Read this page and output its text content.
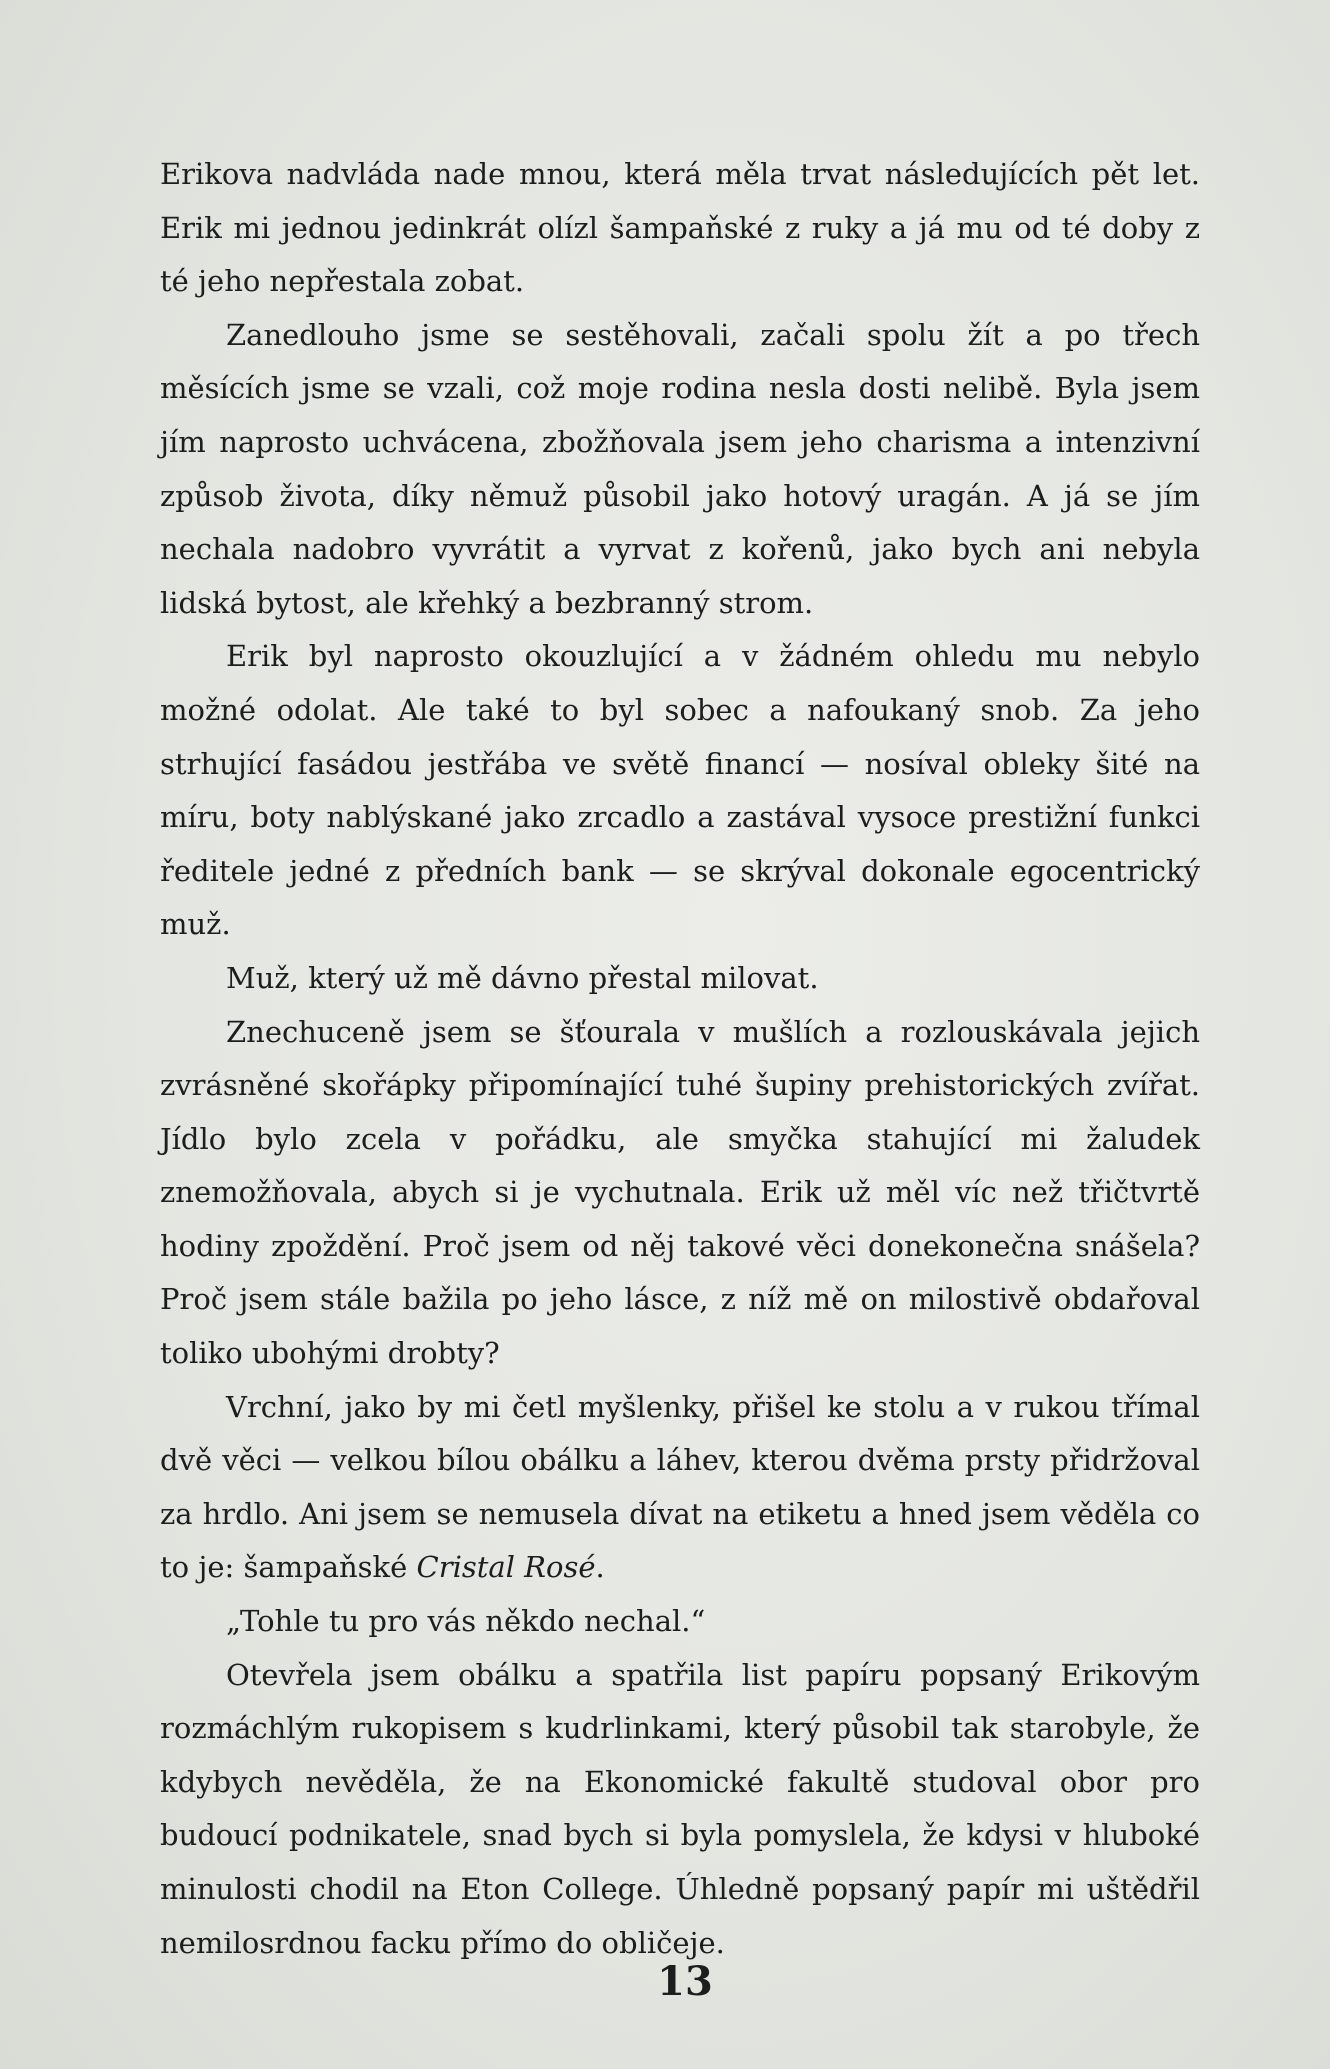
Erikova nadvláda nade mnou, která měla trvat následujících pět let. Erik mi jednou jedinkrát olízl šampaňské z ruky a já mu od té doby z té jeho nepřestala zobat.

Zanedlouho jsme se sestěhovali, začali spolu žít a po třech měsících jsme se vzali, což moje rodina nesla dosti nelibě. Byla jsem jím naprosto uchvácena, zbožňovala jsem jeho charisma a intenzivní způsob života, díky němuž působil jako hotový uragán. A já se jím nechala nadobro vyvrátit a vyrvat z kořenů, jako bych ani nebyla lidská bytost, ale křehký a bezbranný strom.

Erik byl naprosto okouzlující a v žádném ohledu mu nebylo možné odolat. Ale také to byl sobec a nafoukaný snob. Za jeho strhující fasádou jestřába ve světě financí — nosíval obleky šité na míru, boty nablýskané jako zrcadlo a zastával vysoce prestižní funkci ředitele jedné z předních bank — se skrýval dokonale egocentrický muž.

Muž, který už mě dávno přestal milovat.

Znechuceně jsem se šťourala v mušlích a rozlouskávala jejich zvrásněné skořápky připomínající tuhé šupiny prehistorických zvířat. Jídlo bylo zcela v pořádku, ale smyčka stahující mi žaludek znemožňovala, abych si je vychutnala. Erik už měl víc než třičtvrtě hodiny zpoždění. Proč jsem od něj takové věci donekonečna snášela? Proč jsem stále bažila po jeho lásce, z níž mě on milostivě obdařoval toliko ubohými drobty?

Vrchní, jako by mi četl myšlenky, přišel ke stolu a v rukou třímal dvě věci — velkou bílou obálku a láhev, kterou dvěma prsty přidržoval za hrdlo. Ani jsem se nemusela dívat na etiketu a hned jsem věděla co to je: šampaňské Cristal Rosé.

„Tohle tu pro vás někdo nechal.“

Otevřela jsem obálku a spatřila list papíru popsaný Erikovým rozmáchlým rukopisem s kudrlinkami, který působil tak starobyle, že kdybych nevěděla, že na Ekonomické fakultě studoval obor pro budoucí podnikatele, snad bych si byla pomyslela, že kdysi v hluboké minulosti chodil na Eton College. Úhledně popsaný papír mi uštědřil nemilosrdnou facku přímo do obličeje.

13
